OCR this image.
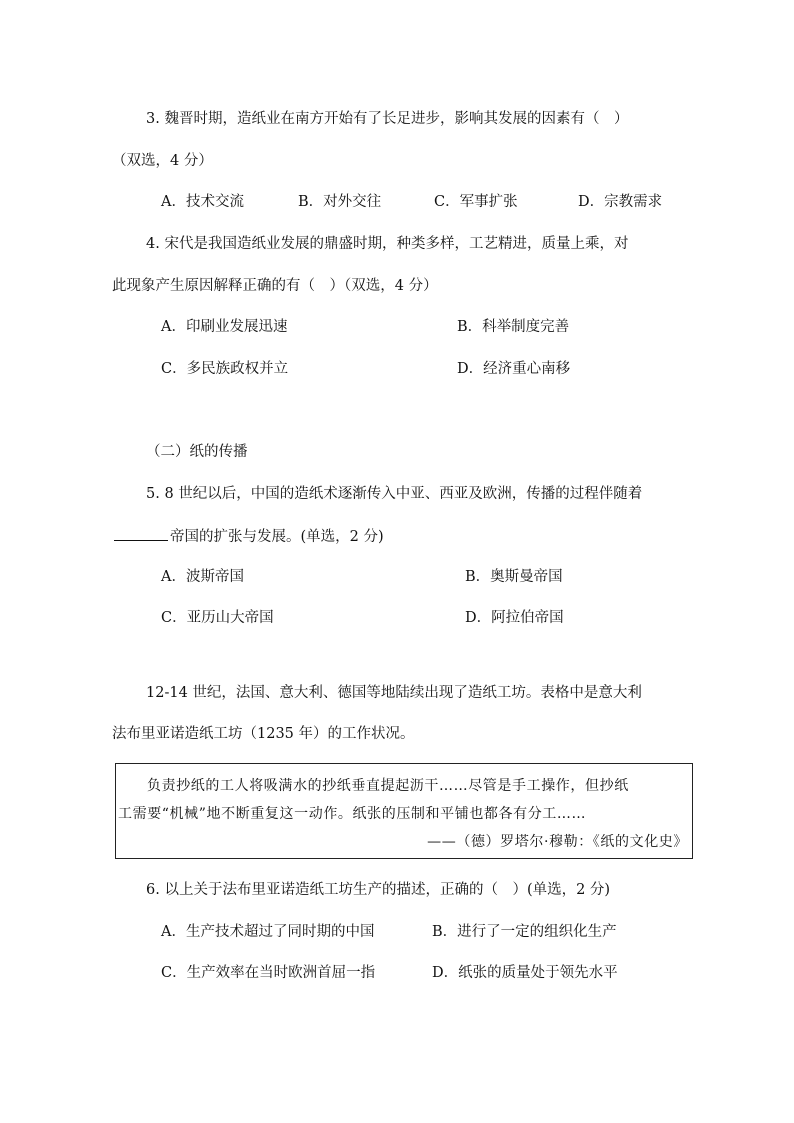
3. 魏晋时期，造纸业在南方开始有了长足进步，影响其发展的因素有（　）
（双选，4 分）
A．技术交流	B．对外交往	C．军事扩张	D．宗教需求
4. 宋代是我国造纸业发展的鼎盛时期，种类多样，工艺精进，质量上乘，对
此现象产生原因解释正确的有（　）（双选，4 分）
A．印刷业发展迅速	B．科举制度完善
C．多民族政权并立	D．经济重心南移
（二）纸的传播
5. 8 世纪以后，中国的造纸术逐渐传入中亚、西亚及欧洲，传播的过程伴随着
帝国的扩张与发展。(单选，2 分)
A．波斯帝国	B．奥斯曼帝国
C．亚历山大帝国	D．阿拉伯帝国
12-14 世纪，法国、意大利、德国等地陆续出现了造纸工坊。表格中是意大利
法布里亚诺造纸工坊（1235 年）的工作状况。
负责抄纸的工人将吸满水的抄纸垂直提起沥干……尽管是手工操作，但抄纸
工需要“机械”地不断重复这一动作。纸张的压制和平铺也都各有分工……
——（德）罗塔尔·穆勒：《纸的文化史》
6. 以上关于法布里亚诺造纸工坊生产的描述，正确的（　）(单选，2 分)
A．生产技术超过了同时期的中国	B．进行了一定的组织化生产
C．生产效率在当时欧洲首屈一指	D．纸张的质量处于领先水平
